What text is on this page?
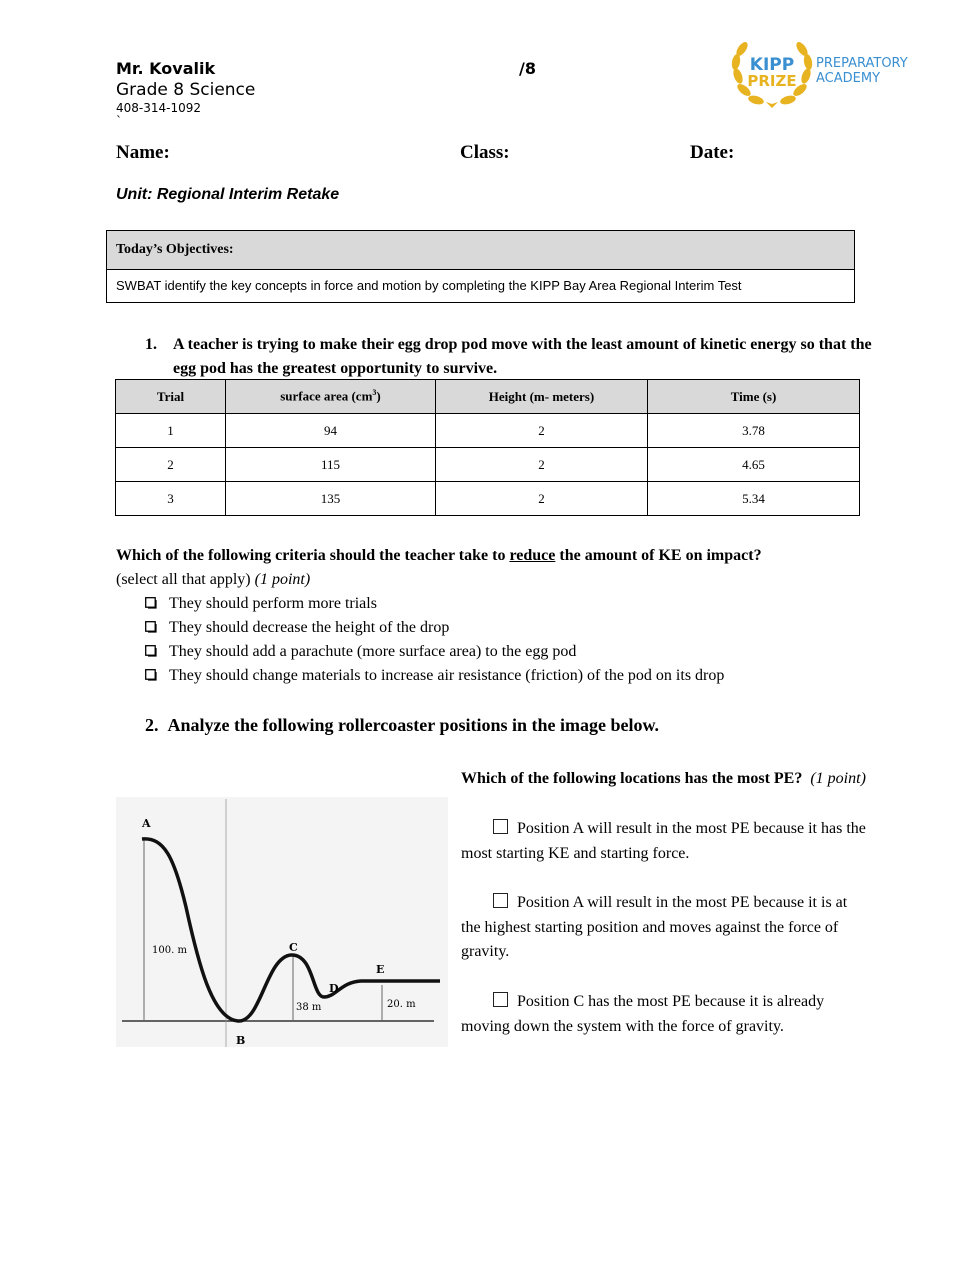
Mr. Kovalik	/8
Grade 8 Science
408-314-1092
`
KIPP
PRIZE
PREPARATORY
ACADEMY
Name:	Class:	Date:
Unit: Regional Interim Retake
Today’s Objectives:
SWBAT identify the key concepts in force and motion by completing the KIPP Bay Area Regional Interim Test
1. A teacher is trying to make their egg drop pod move with the least amount of kinetic energy so that the egg pod has the greatest opportunity to survive.
Trial	surface area $(cm^3)$	Height (m- meters)	Time (s)
1	94	2	3.78
2	115	2	4.65
3	135	2	5.34
Which of the following criteria should the teacher take to reduce the amount of KE on impact?
(select all that apply) (1 point)
They should perform more trials
They should decrease the height of the drop
They should add a parachute (more surface area) to the egg pod
They should change materials to increase air resistance (friction) of the pod on its drop
2. Analyze the following rollercoaster positions in the image below.
A
B
C
D
E
100. m
38 m	20. m
Which of the following locations has the most PE? (1 point)
Position A will result in the most PE because it has the most starting KE and starting force.
Position A will result in the most PE because it is at the highest starting position and moves against the force of gravity.
Position C has the most PE because it is already moving down the system with the force of gravity.
